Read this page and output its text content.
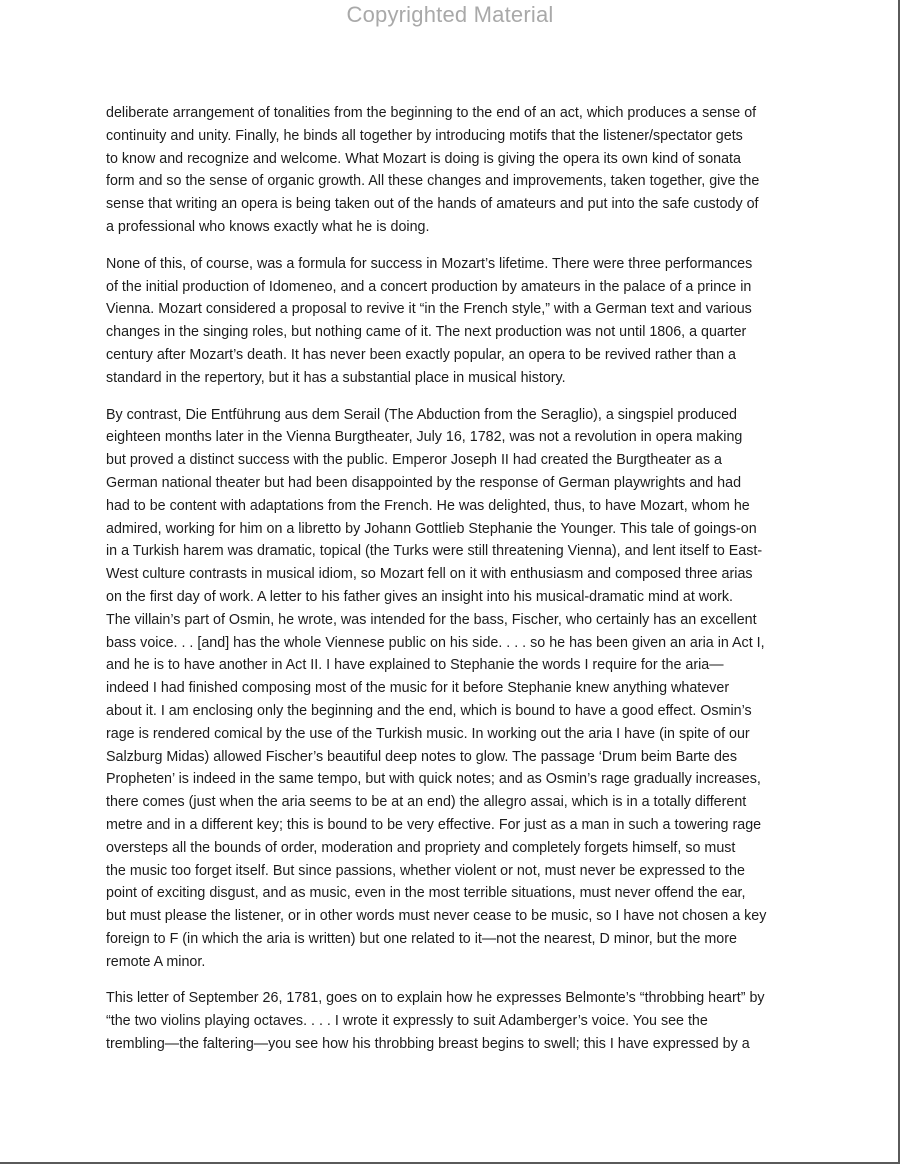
Copyrighted Material

deliberate arrangement of tonalities from the beginning to the end of an act, which produces a sense of
continuity and unity. Finally, he binds all together by introducing motifs that the listener/spectator gets
to know and recognize and welcome. What Mozart is doing is giving the opera its own kind of sonata
form and so the sense of organic growth. All these changes and improvements, taken together, give the
sense that writing an opera is being taken out of the hands of amateurs and put into the safe custody of
a professional who knows exactly what he is doing.

None of this, of course, was a formula for success in Mozart’s lifetime. There were three performances
of the initial production of Idomeneo, and a concert production by amateurs in the palace of a prince in
Vienna. Mozart considered a proposal to revive it “in the French style,” with a German text and various
changes in the singing roles, but nothing came of it. The next production was not until 1806, a quarter
century after Mozart’s death. It has never been exactly popular, an opera to be revived rather than a
standard in the repertory, but it has a substantial place in musical history.

By contrast, Die Entführung aus dem Serail (The Abduction from the Seraglio), a singspiel produced
eighteen months later in the Vienna Burgtheater, July 16, 1782, was not a revolution in opera making
but proved a distinct success with the public. Emperor Joseph II had created the Burgtheater as a
German national theater but had been disappointed by the response of German playwrights and had
had to be content with adaptations from the French. He was delighted, thus, to have Mozart, whom he
admired, working for him on a libretto by Johann Gottlieb Stephanie the Younger. This tale of goings-on
in a Turkish harem was dramatic, topical (the Turks were still threatening Vienna), and lent itself to East-
West culture contrasts in musical idiom, so Mozart fell on it with enthusiasm and composed three arias
on the first day of work. A letter to his father gives an insight into his musical-dramatic mind at work.
The villain’s part of Osmin, he wrote, was intended for the bass, Fischer, who certainly has an excellent
bass voice. . . [and] has the whole Viennese public on his side. . . . so he has been given an aria in Act I,
and he is to have another in Act II. I have explained to Stephanie the words I require for the aria—
indeed I had finished composing most of the music for it before Stephanie knew anything whatever
about it. I am enclosing only the beginning and the end, which is bound to have a good effect. Osmin’s
rage is rendered comical by the use of the Turkish music. In working out the aria I have (in spite of our
Salzburg Midas) allowed Fischer’s beautiful deep notes to glow. The passage ‘Drum beim Barte des
Propheten’ is indeed in the same tempo, but with quick notes; and as Osmin’s rage gradually increases,
there comes (just when the aria seems to be at an end) the allegro assai, which is in a totally different
metre and in a different key; this is bound to be very effective. For just as a man in such a towering rage
oversteps all the bounds of order, moderation and propriety and completely forgets himself, so must
the music too forget itself. But since passions, whether violent or not, must never be expressed to the
point of exciting disgust, and as music, even in the most terrible situations, must never offend the ear,
but must please the listener, or in other words must never cease to be music, so I have not chosen a key
foreign to F (in which the aria is written) but one related to it—not the nearest, D minor, but the more
remote A minor.

This letter of September 26, 1781, goes on to explain how he expresses Belmonte’s “throbbing heart” by
“the two violins playing octaves. . . . I wrote it expressly to suit Adamberger’s voice. You see the
trembling—the faltering—you see how his throbbing breast begins to swell; this I have expressed by a
